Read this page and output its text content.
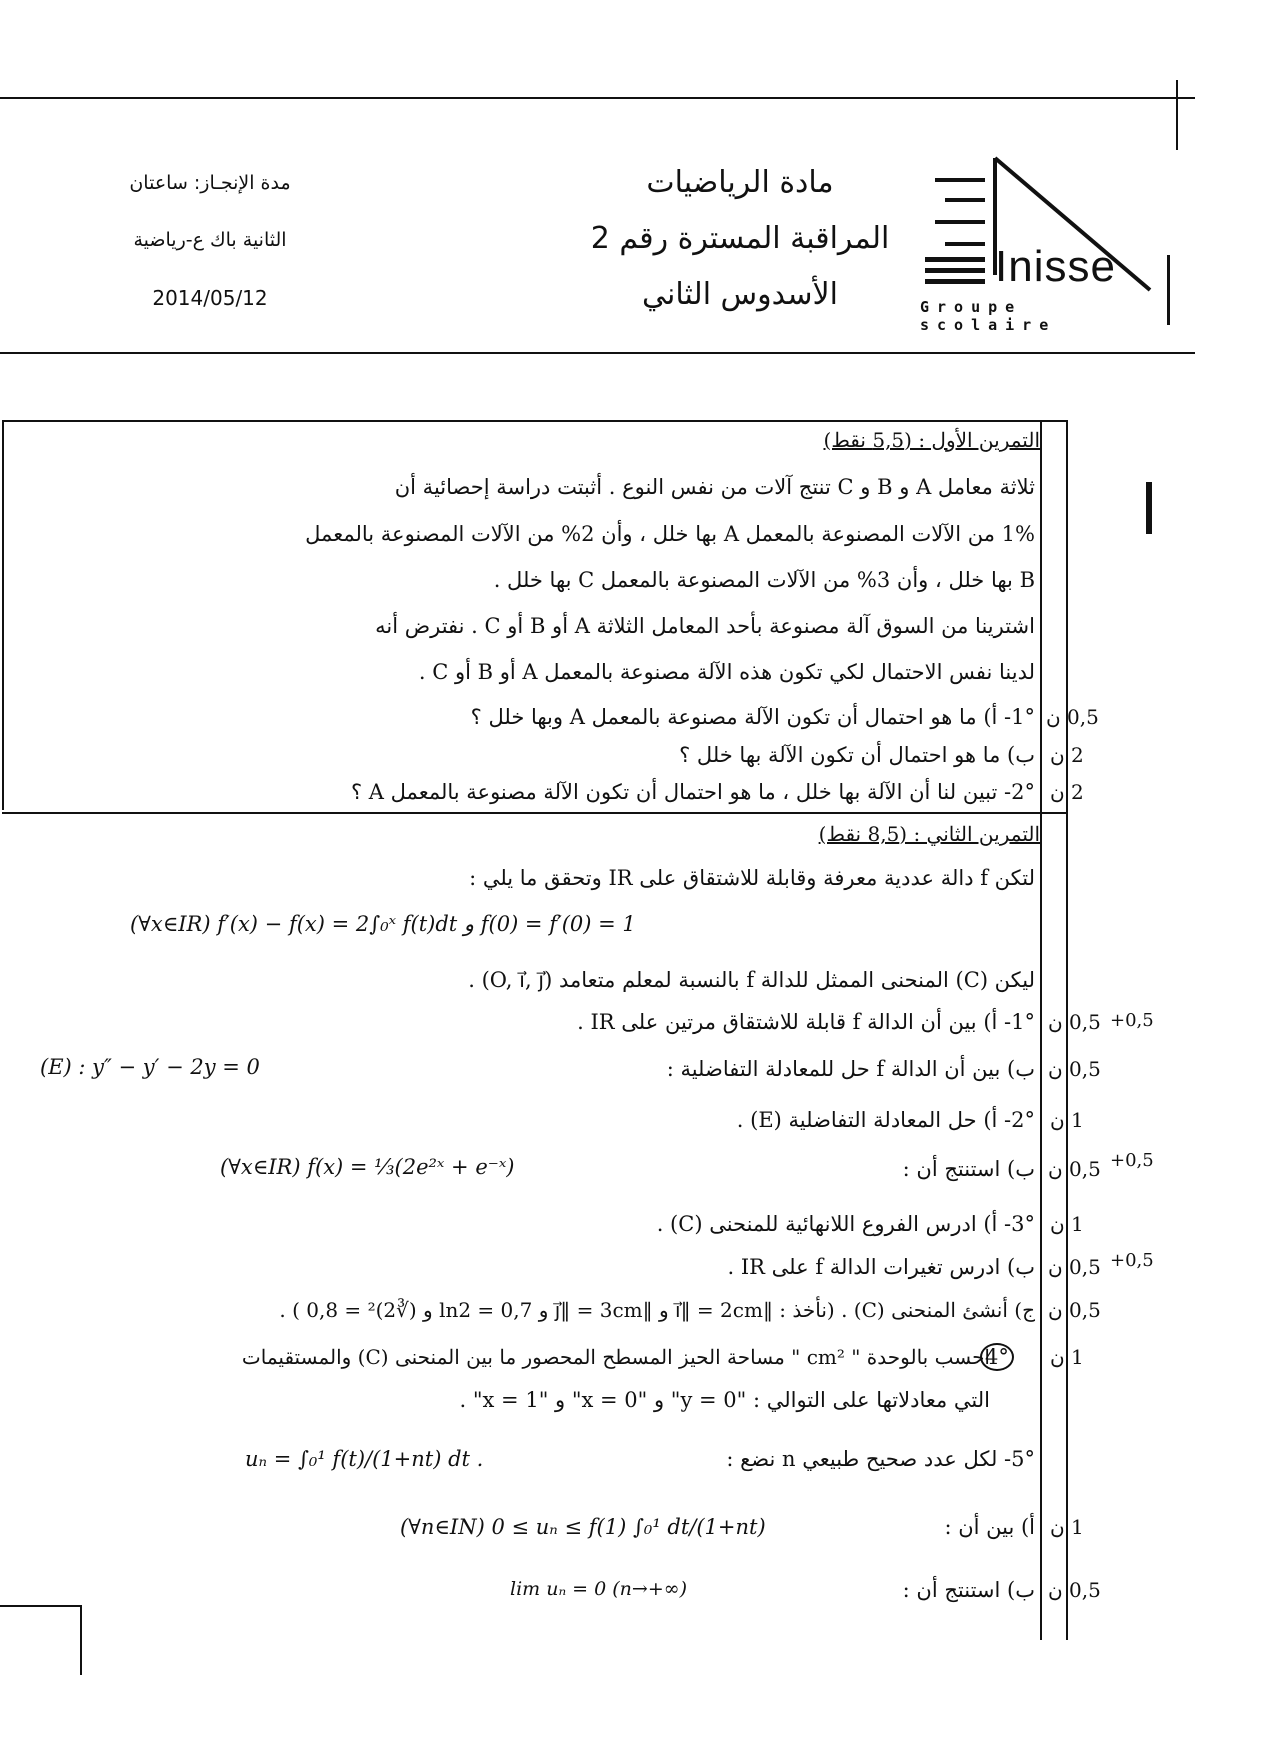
مدة الإنجـاز: ساعتان
الثانية باك ع-رياضية
2014/05/12
مادة الرياضيات
المراقبة المسترة رقم 2
الأسدوس الثاني
Inisse
Groupe scolaire
التمرين الأول : (5,5 نقط)
ثلاثة معامل A و B و C تنتج آلات من نفس النوع . أثبتت دراسة إحصائية أن
1% من الآلات المصنوعة بالمعمل A بها خلل ، وأن 2% من الآلات المصنوعة بالمعمل
B بها خلل ، وأن 3% من الآلات المصنوعة بالمعمل C بها خلل .
اشترينا من السوق آلة مصنوعة بأحد المعامل الثلاثة A أو B أو C . نفترض أنه
لدينا نفس الاحتمال لكي تكون هذه الآلة مصنوعة بالمعمل A أو B أو C .
1°- أ) ما هو احتمال أن تكون الآلة مصنوعة بالمعمل A وبها خلل ؟ 0,5 ن
ب) ما هو احتمال أن تكون الآلة بها خلل ؟ 2 ن
2°- تبين لنا أن الآلة بها خلل ، ما هو احتمال أن تكون الآلة مصنوعة بالمعمل A ؟ 2 ن
التمرين الثاني : (8,5 نقط)
لتكن f دالة عددية معرفة وقابلة للاشتقاق على IR وتحقق ما يلي :
(∀x∈IR) f′(x) − f(x) = 2∫₀ˣ f(t)dt و f(0) = f′(0) = 1
ليكن (C) المنحنى الممثل للدالة f بالنسبة لمعلم متعامد (O, i⃗, j⃗) .
1°- أ) بين أن الدالة f قابلة للاشتقاق مرتين على IR . 0,5 ن +0,5
ب) بين أن الدالة f حل للمعادلة التفاضلية :
(E) : y″ − y′ − 2y = 0	0,5 ن
2°- أ) حل المعادلة التفاضلية (E) . 1 ن
ب) استنتج أن :
(∀x∈IR) f(x) = ⅓(2e²ˣ + e⁻ˣ)	0,5 ن +0,5
3°- أ) ادرس الفروع اللانهائية للمنحنى (C) . 1 ن
ب) ادرس تغيرات الدالة f على IR . 0,5 ن +0,5
ج) أنشئ المنحنى (C) . (نأخذ : ‖i⃗‖ = 2cm و ‖j⃗‖ = 3cm و ln2 = 0,7 و (∛2)² = 0,8 ) . 0,5 ن
4°
احسب بالوحدة " cm² " مساحة الحيز المسطح المحصور ما بين المنحنى (C) والمستقيمات
التي معادلاتها على التوالي : "y = 0" و "x = 0" و "x = 1" .
1 ن
5°- لكل عدد صحيح طبيعي n نضع :
uₙ = ∫₀¹ f(t)/(1+nt) dt .
أ) بين أن :
(∀n∈IN) 0 ≤ uₙ ≤ f(1) ∫₀¹ dt/(1+nt)	1 ن
ب) استنتج أن :
lim uₙ = 0 (n→+∞)	0,5 ن
